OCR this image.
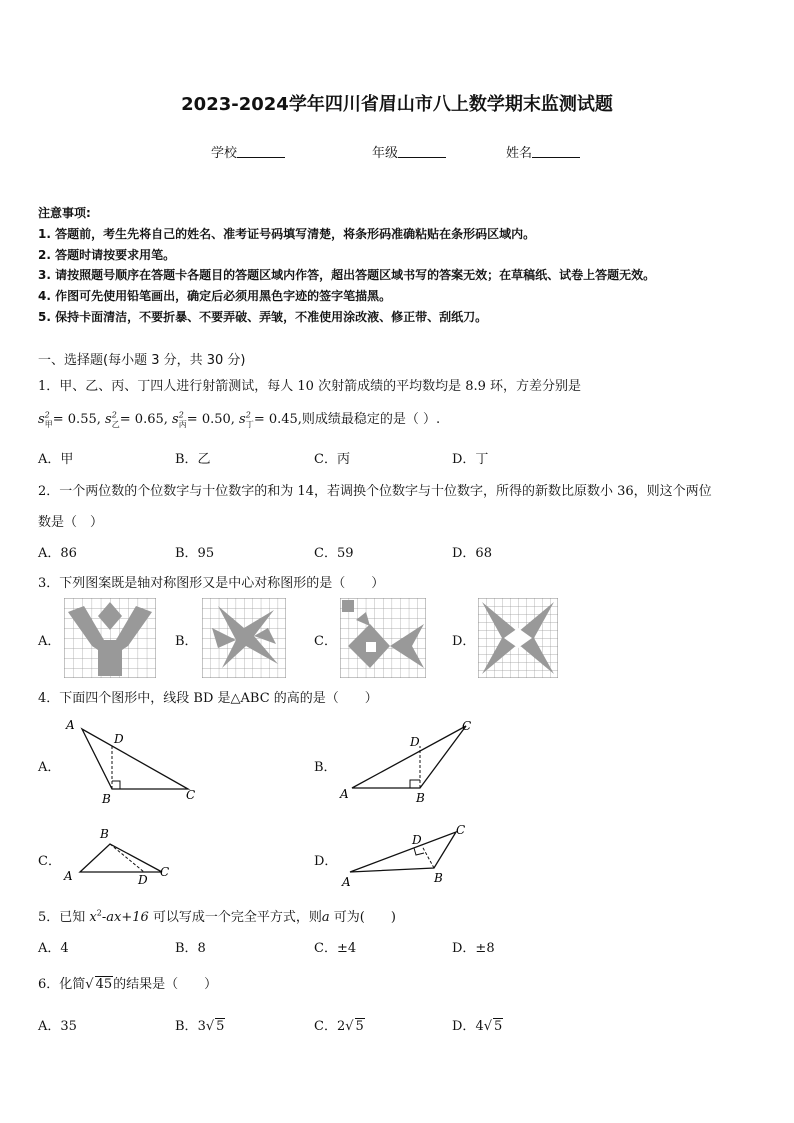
2023-2024学年四川省眉山市八上数学期末监测试题
学校	年级	姓名
注意事项:
1. 答题前，考生先将自己的姓名、准考证号码填写清楚，将条形码准确粘贴在条形码区域内。
2. 答题时请按要求用笔。
3. 请按照题号顺序在答题卡各题目的答题区域内作答，超出答题区域书写的答案无效；在草稿纸、试卷上答题无效。
4. 作图可先使用铅笔画出，确定后必须用黑色字迹的签字笔描黑。
5. 保持卡面清洁，不要折暴、不要弄破、弄皱，不准使用涂改液、修正带、刮纸刀。
一、选择题(每小题 3 分，共 30 分)
1．甲、乙、丙、丁四人进行射箭测试，每人 10 次射箭成绩的平均数均是 8.9 环，方差分别是
$s^2_甲= 0.55$, $s^2_乙= 0.65$, $s^2_丙= 0.50$, $s^2_丁= 0.45$,则成绩最稳定的是（ ）.
A．甲	B．乙	C．丙	D．丁
2．一个两位数的个位数字与十位数字的和为 14，若调换个位数字与十位数字，所得的新数比原数小 36，则这个两位
数是（　）
A．86	B．95	C．59	D．68
3．下列图案既是轴对称图形又是中心对称图形的是（　　）
A．	B．	C．	D．
4．下面四个图形中，线段 BD 是△ABC 的高的是（　　）
A．	B．
C．	D．
A
D
B	C	A
D
B
C
A
B
D
C
A
D
B
C
5．已知 $x^2-ax+16$ 可以写成一个完全平方式，则a 可为(　　)
A．4	B．8	C．±4	D．±8
6．化简√ 45的结果是（　　）
A．35	B．3√ 5	C．2√ 5	D．4√ 5
